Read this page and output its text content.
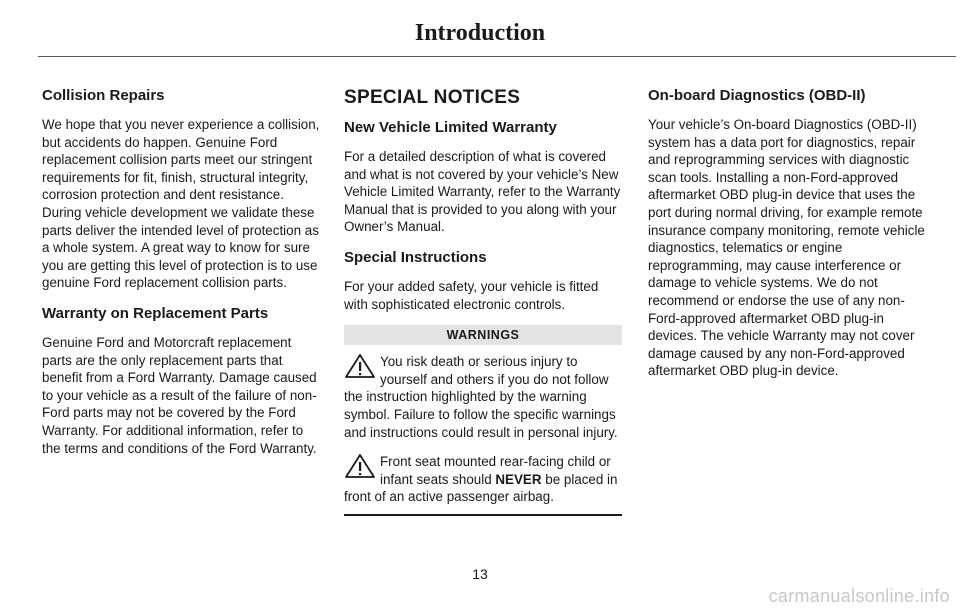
Introduction
Collision Repairs

We hope that you never experience a collision, but accidents do happen. Genuine Ford replacement collision parts meet our stringent requirements for fit, finish, structural integrity, corrosion protection and dent resistance. During vehicle development we validate these parts deliver the intended level of protection as a whole system. A great way to know for sure you are getting this level of protection is to use genuine Ford replacement collision parts.

Warranty on Replacement Parts

Genuine Ford and Motorcraft replacement parts are the only replacement parts that benefit from a Ford Warranty. Damage caused to your vehicle as a result of the failure of non-Ford parts may not be covered by the Ford Warranty. For additional information, refer to the terms and conditions of the Ford Warranty.

SPECIAL NOTICES
New Vehicle Limited Warranty

For a detailed description of what is covered and what is not covered by your vehicle’s New Vehicle Limited Warranty, refer to the Warranty Manual that is provided to you along with your Owner’s Manual.

Special Instructions

For your added safety, your vehicle is fitted with sophisticated electronic controls.

WARNINGS
You risk death or serious injury to yourself and others if you do not follow the instruction highlighted by the warning symbol. Failure to follow the specific warnings and instructions could result in personal injury.
Front seat mounted rear-facing child or infant seats should NEVER be placed in front of an active passenger airbag.
On-board Diagnostics (OBD-II)

Your vehicle’s On-board Diagnostics (OBD-II) system has a data port for diagnostics, repair and reprogramming services with diagnostic scan tools. Installing a non-Ford-approved aftermarket OBD plug-in device that uses the port during normal driving, for example remote insurance company monitoring, remote vehicle diagnostics, telematics or engine reprogramming, may cause interference or damage to vehicle systems. We do not recommend or endorse the use of any non-Ford-approved aftermarket OBD plug-in devices. The vehicle Warranty may not cover damage caused by any non-Ford-approved aftermarket OBD plug-in device.

13
carmanualsonline.info
